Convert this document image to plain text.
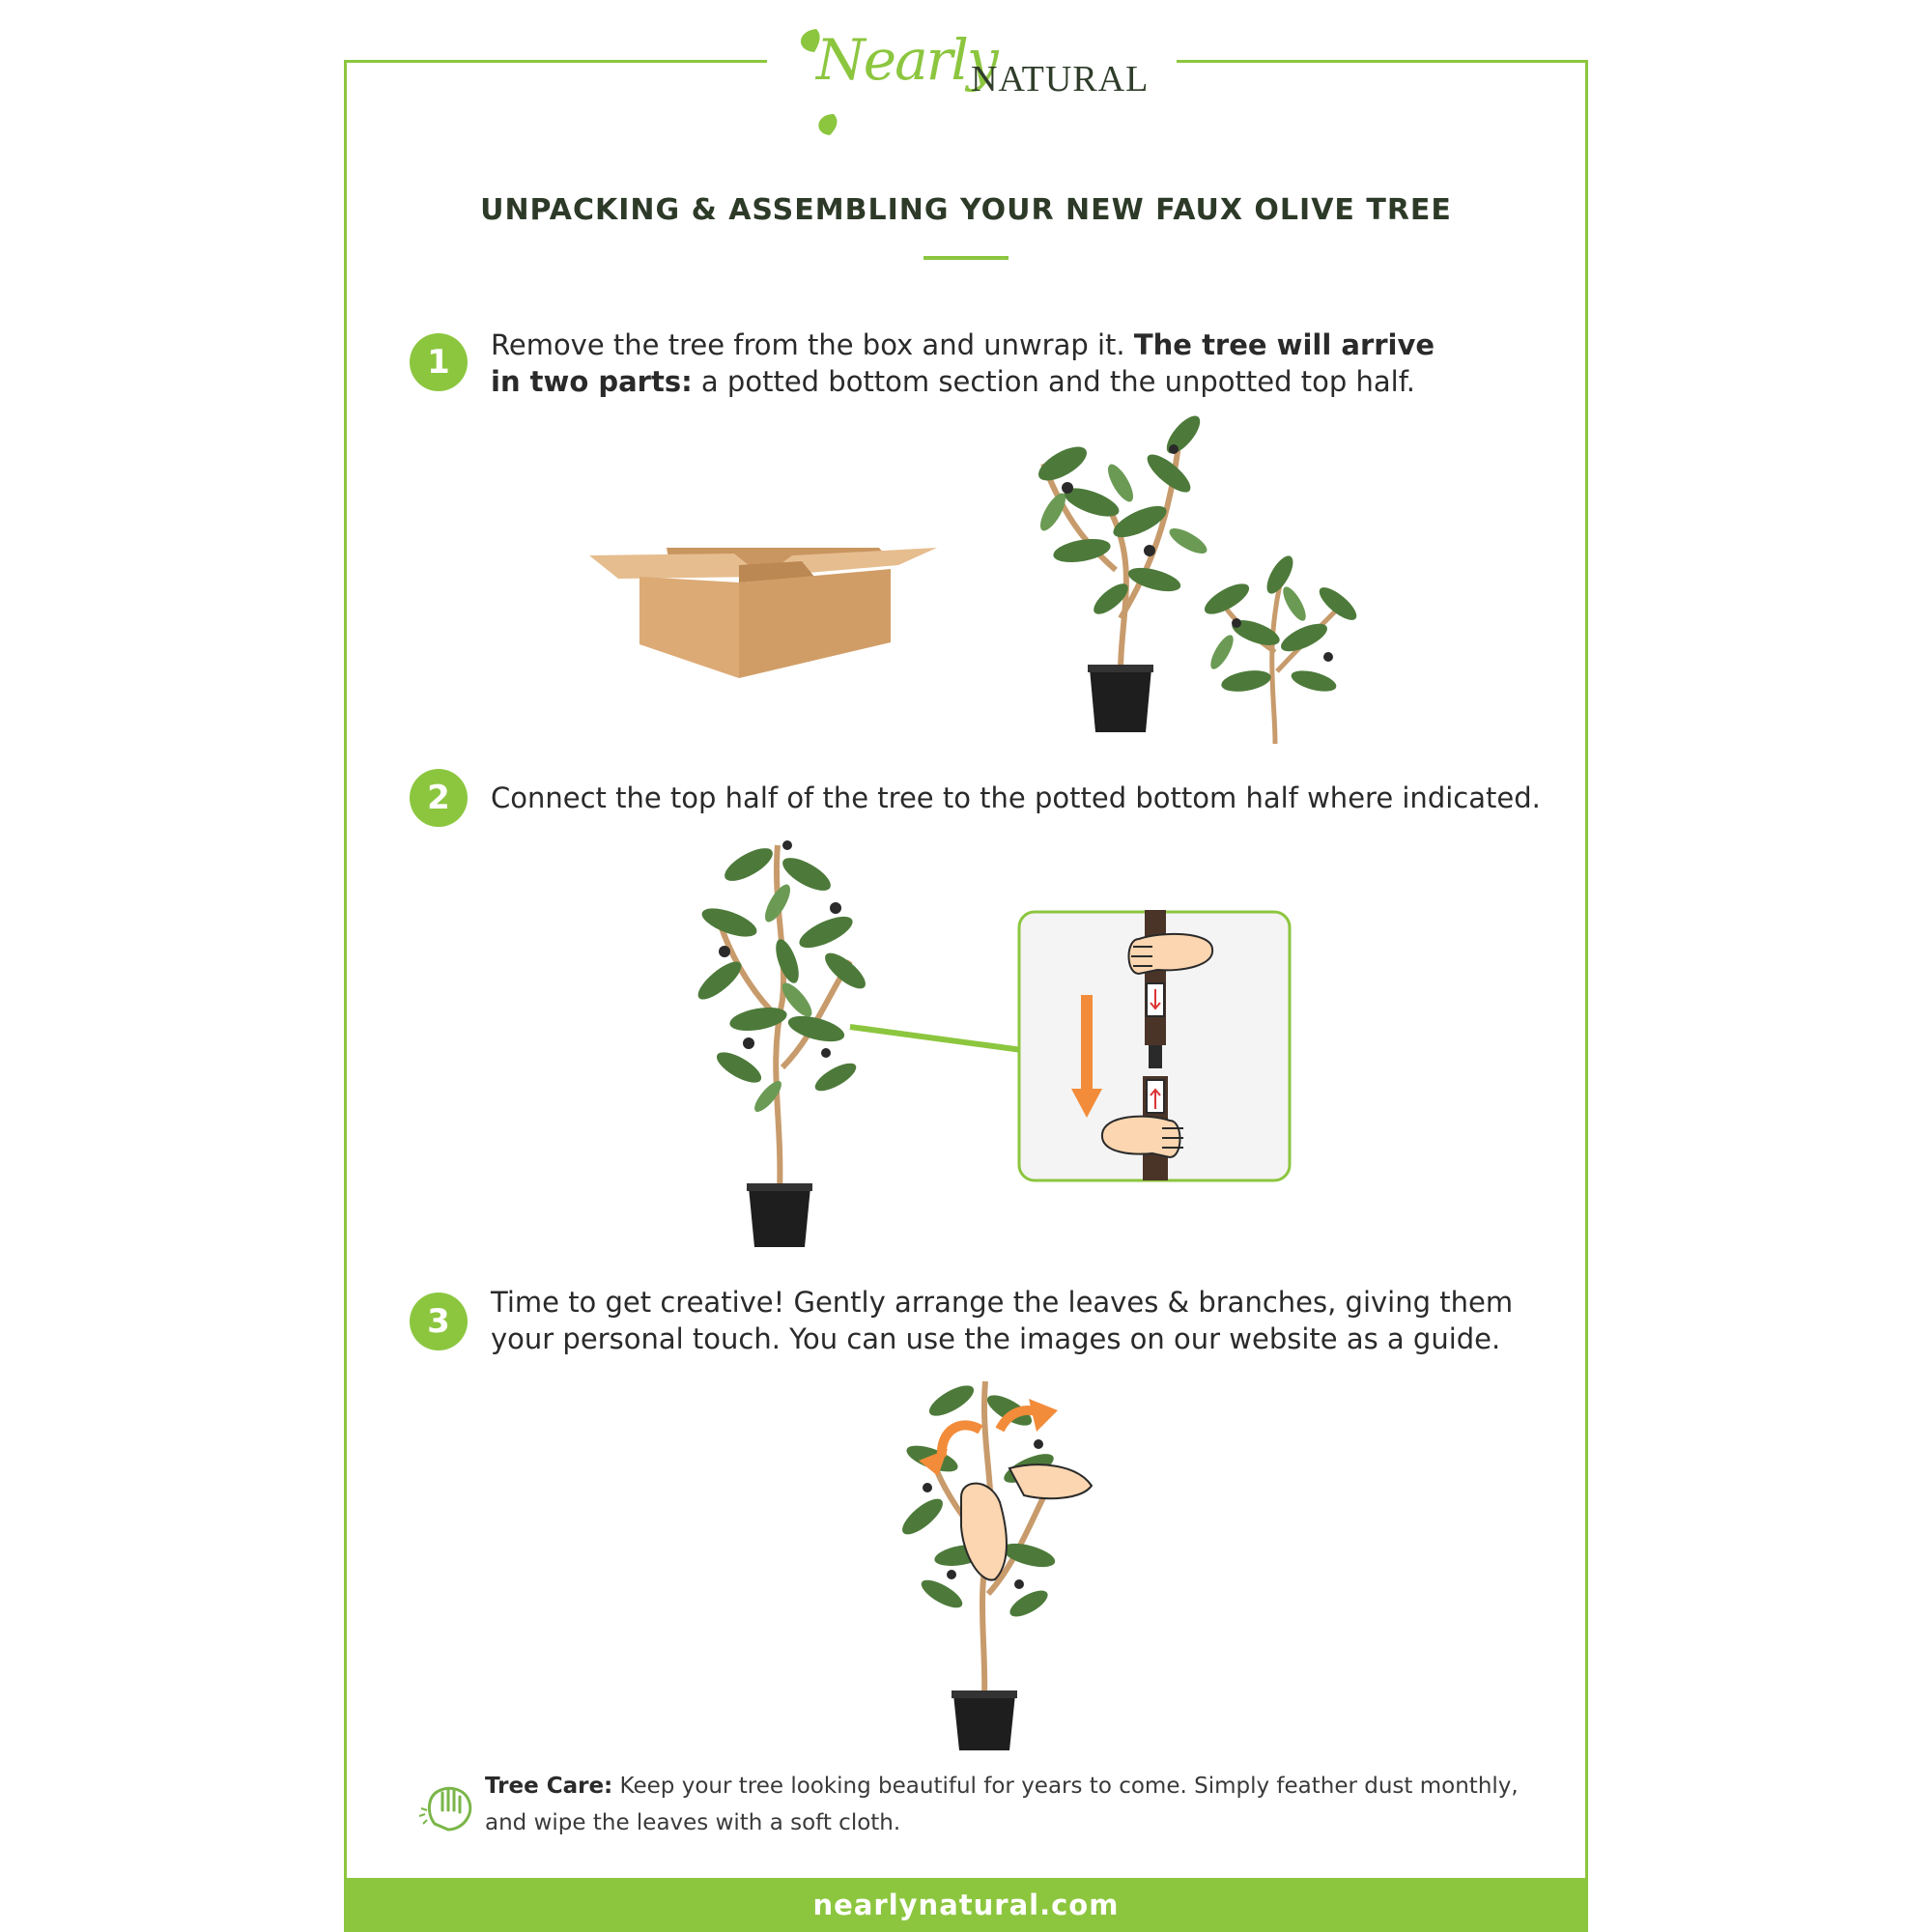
Nearly
NATURAL
UNPACKING & ASSEMBLING YOUR NEW FAUX OLIVE TREE
1	Remove the tree from the box and unwrap it. The tree will arrive in two parts: a potted bottom section and the unpotted top half.
2	Connect the top half of the tree to the potted bottom half where indicated.
3	Time to get creative! Gently arrange the leaves & branches, giving them your personal touch. You can use the images on our website as a guide.
Tree Care: Keep your tree looking beautiful for years to come. Simply feather dust monthly, and wipe the leaves with a soft cloth.
nearlynatural.com
